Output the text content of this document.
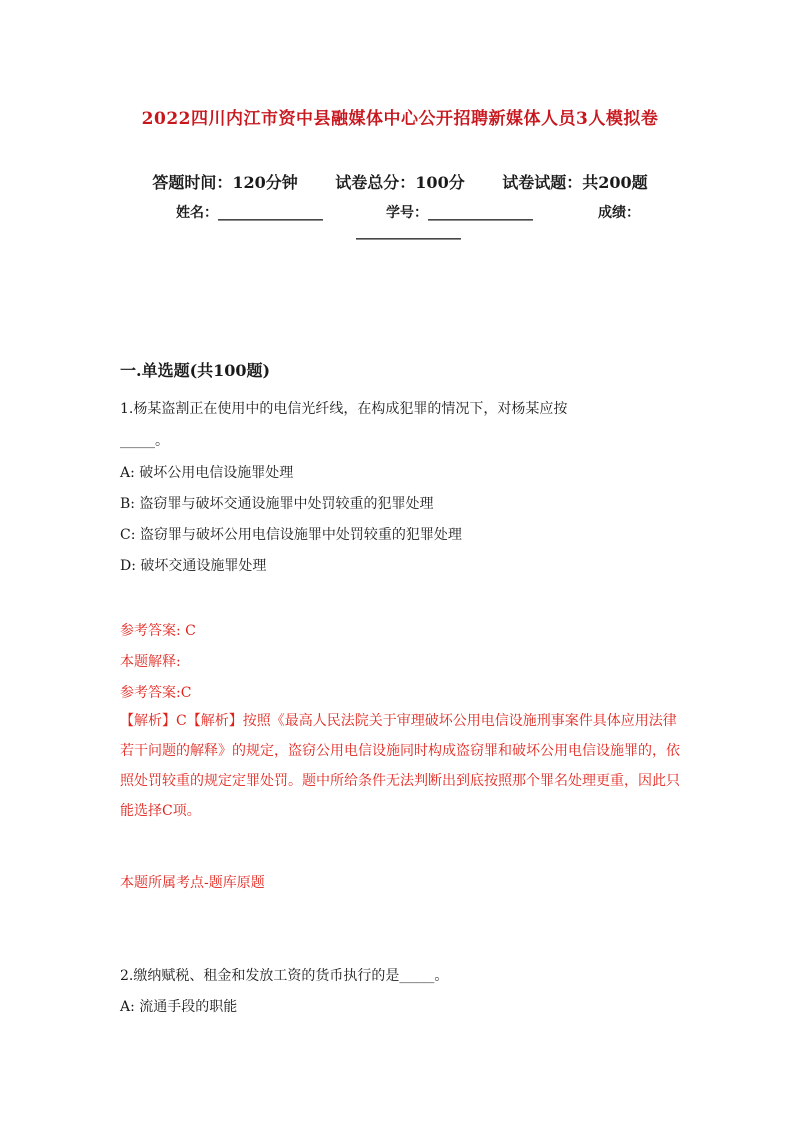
2022四川内江市资中县融媒体中心公开招聘新媒体人员3人模拟卷
答题时间：120分钟 试卷总分：100分 试卷试题：共200题
姓名：_______________	学号：_______________	成绩：
_______________
一.单选题(共100题)
1.杨某盗割正在使用中的电信光纤线，在构成犯罪的情况下，对杨某应按
_____。
A: 破坏公用电信设施罪处理
B: 盗窃罪与破坏交通设施罪中处罚较重的犯罪处理
C: 盗窃罪与破坏公用电信设施罪中处罚较重的犯罪处理
D: 破坏交通设施罪处理
参考答案: C
本题解释:
参考答案:C
【解析】C【解析】按照《最高人民法院关于审理破坏公用电信设施刑事案件具体应用法律若干问题的解释》的规定，盗窃公用电信设施同时构成盗窃罪和破坏公用电信设施罪的，依照处罚较重的规定定罪处罚。题中所给条件无法判断出到底按照那个罪名处理更重，因此只能选择C项。
本题所属考点-题库原题
2.缴纳赋税、租金和发放工资的货币执行的是_____。
A: 流通手段的职能
